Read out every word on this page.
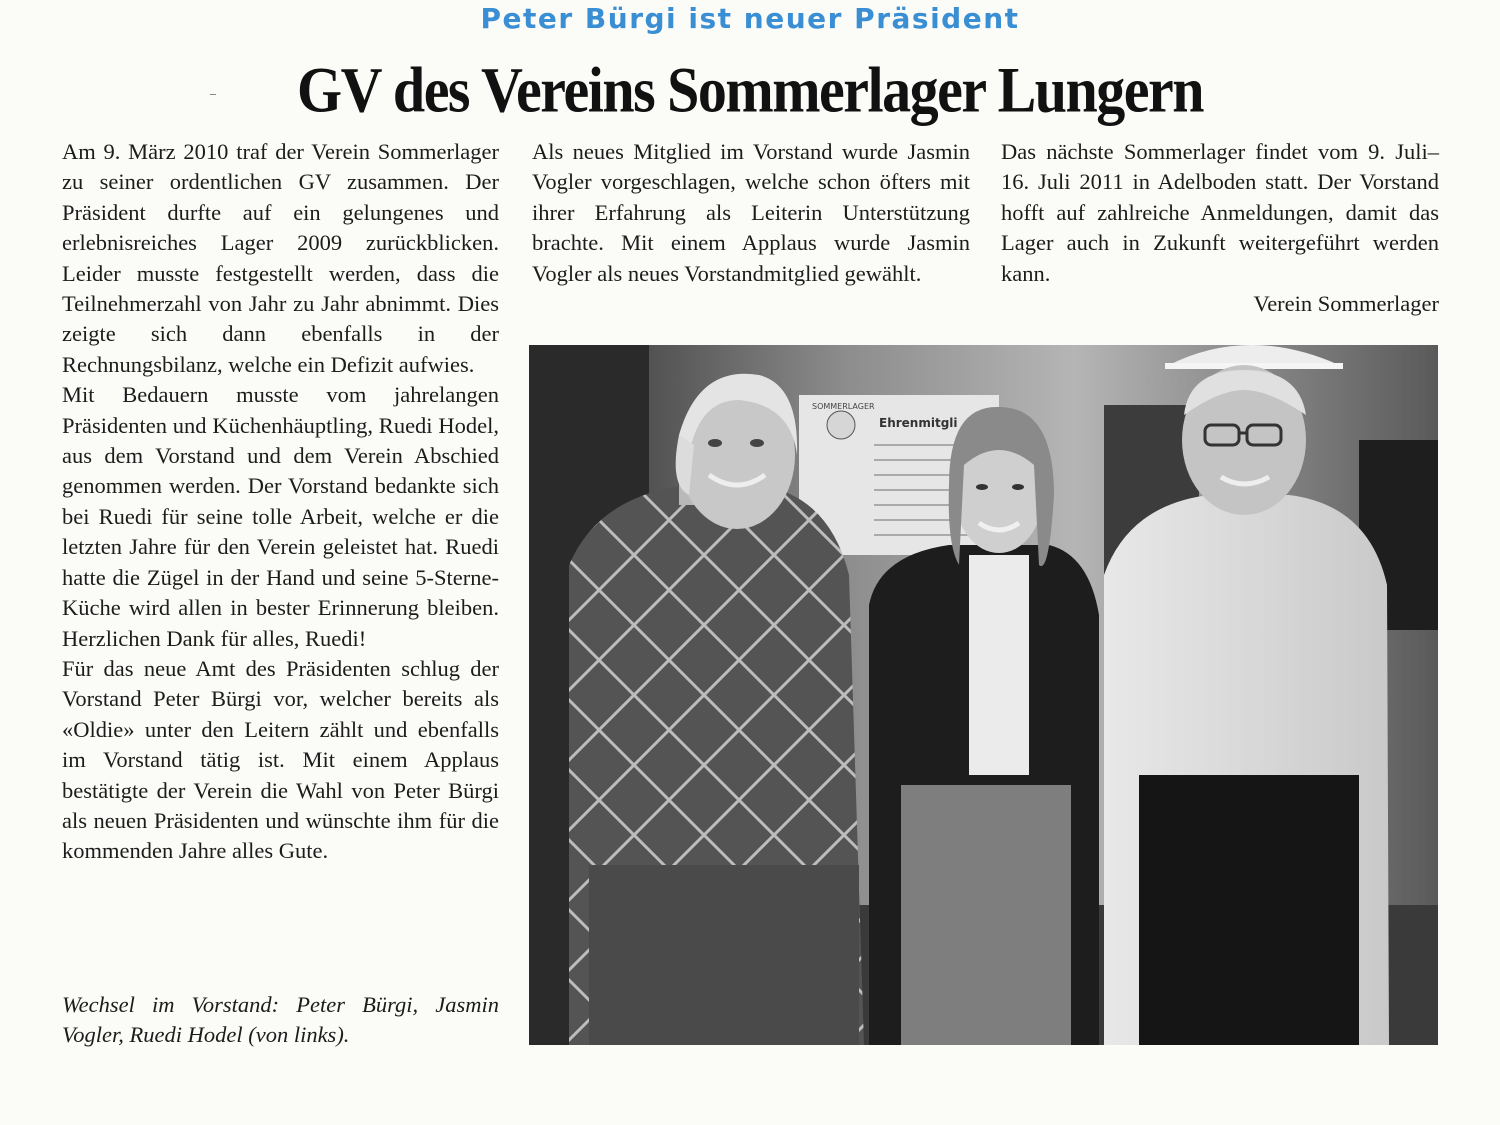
Peter Bürgi ist neuer Präsident
GV des Vereins Sommerlager Lungern

Am 9. März 2010 traf der Verein Sommerlager zu seiner ordentlichen GV zusammen. Der Präsident durfte auf ein gelungenes und erlebnisreiches Lager 2009 zurückblicken. Leider musste festgestellt werden, dass die Teilnehmerzahl von Jahr zu Jahr abnimmt. Dies zeigte sich dann ebenfalls in der Rechnungsbilanz, welche ein Defizit aufwies.

Mit Bedauern musste vom jahrelangen Präsidenten und Küchenhäuptling, Ruedi Hodel, aus dem Vorstand und dem Verein Abschied genommen werden. Der Vorstand bedankte sich bei Ruedi für seine tolle Arbeit, welche er die letzten Jahre für den Verein geleistet hat. Ruedi hatte die Zügel in der Hand und seine 5-Sterne-Küche wird allen in bester Erinnerung bleiben. Herzlichen Dank für alles, Ruedi!

Für das neue Amt des Präsidenten schlug der Vorstand Peter Bürgi vor, welcher bereits als «Oldie» unter den Leitern zählt und ebenfalls im Vorstand tätig ist. Mit einem Applaus bestätigte der Verein die Wahl von Peter Bürgi als neuen Präsidenten und wünschte ihm für die kommenden Jahre alles Gute.

Als neues Mitglied im Vorstand wurde Jasmin Vogler vorgeschlagen, welche schon öfters mit ihrer Erfahrung als Leiterin Unterstützung brachte. Mit einem Applaus wurde Jasmin Vogler als neues Vorstandmitglied gewählt.

Das nächste Sommerlager findet vom 9. Juli–16. Juli 2011 in Adelboden statt. Der Vorstand hofft auf zahlreiche Anmeldungen, damit das Lager auch in Zukunft weitergeführt werden kann.

Verein Sommerlager

Wechsel im Vorstand: Peter Bürgi, Jasmin Vogler, Ruedi Hodel (von links).
SOMMERLAGER
Ehrenmitgli
